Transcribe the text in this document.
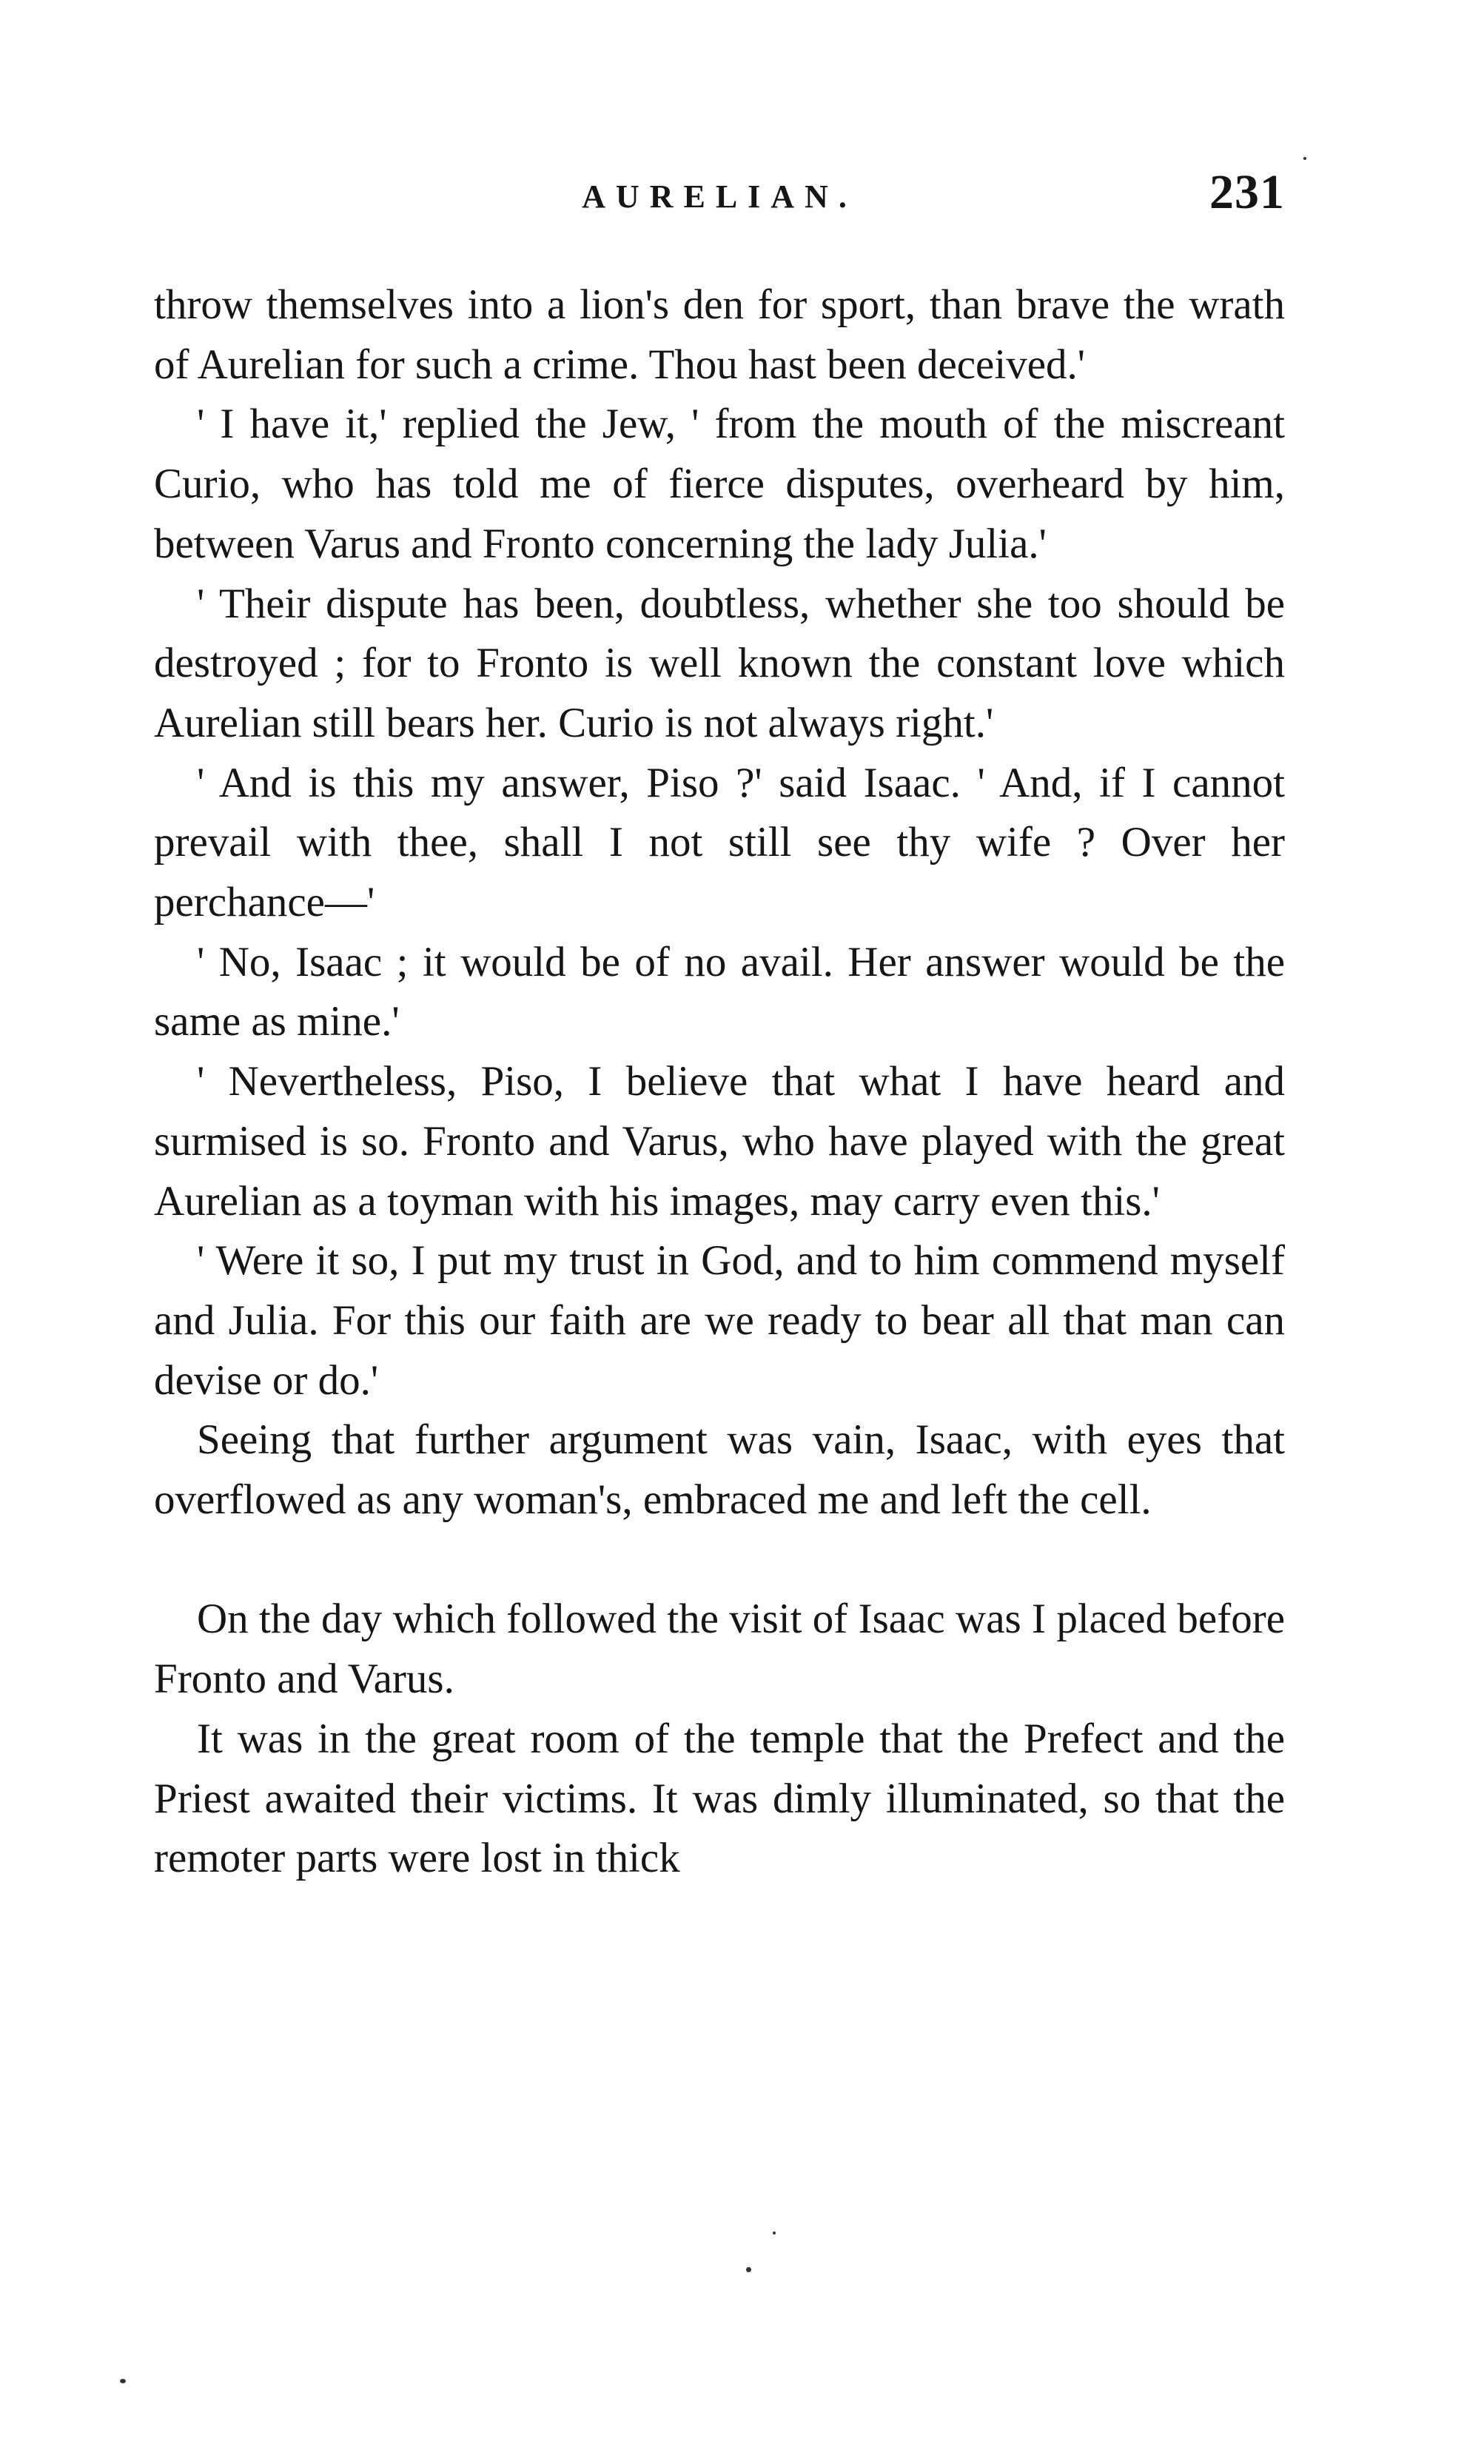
AURELIAN.	231

throw themselves into a lion's den for sport, than brave the wrath of Aurelian for such a crime. Thou hast been deceived.'

' I have it,' replied the Jew, ' from the mouth of the miscreant Curio, who has told me of fierce disputes, overheard by him, between Varus and Fronto concerning the lady Julia.'

' Their dispute has been, doubtless, whether she too should be destroyed ; for to Fronto is well known the constant love which Aurelian still bears her. Curio is not always right.'

' And is this my answer, Piso ?' said Isaac. ' And, if I cannot prevail with thee, shall I not still see thy wife ? Over her perchance—'

' No, Isaac ; it would be of no avail. Her answer would be the same as mine.'

' Nevertheless, Piso, I believe that what I have heard and surmised is so. Fronto and Varus, who have played with the great Aurelian as a toyman with his images, may carry even this.'

' Were it so, I put my trust in God, and to him commend myself and Julia. For this our faith are we ready to bear all that man can devise or do.'

Seeing that further argument was vain, Isaac, with eyes that overflowed as any woman's, embraced me and left the cell.

On the day which followed the visit of Isaac was I placed before Fronto and Varus.

It was in the great room of the temple that the Prefect and the Priest awaited their victims. It was dimly illuminated, so that the remoter parts were lost in thick
